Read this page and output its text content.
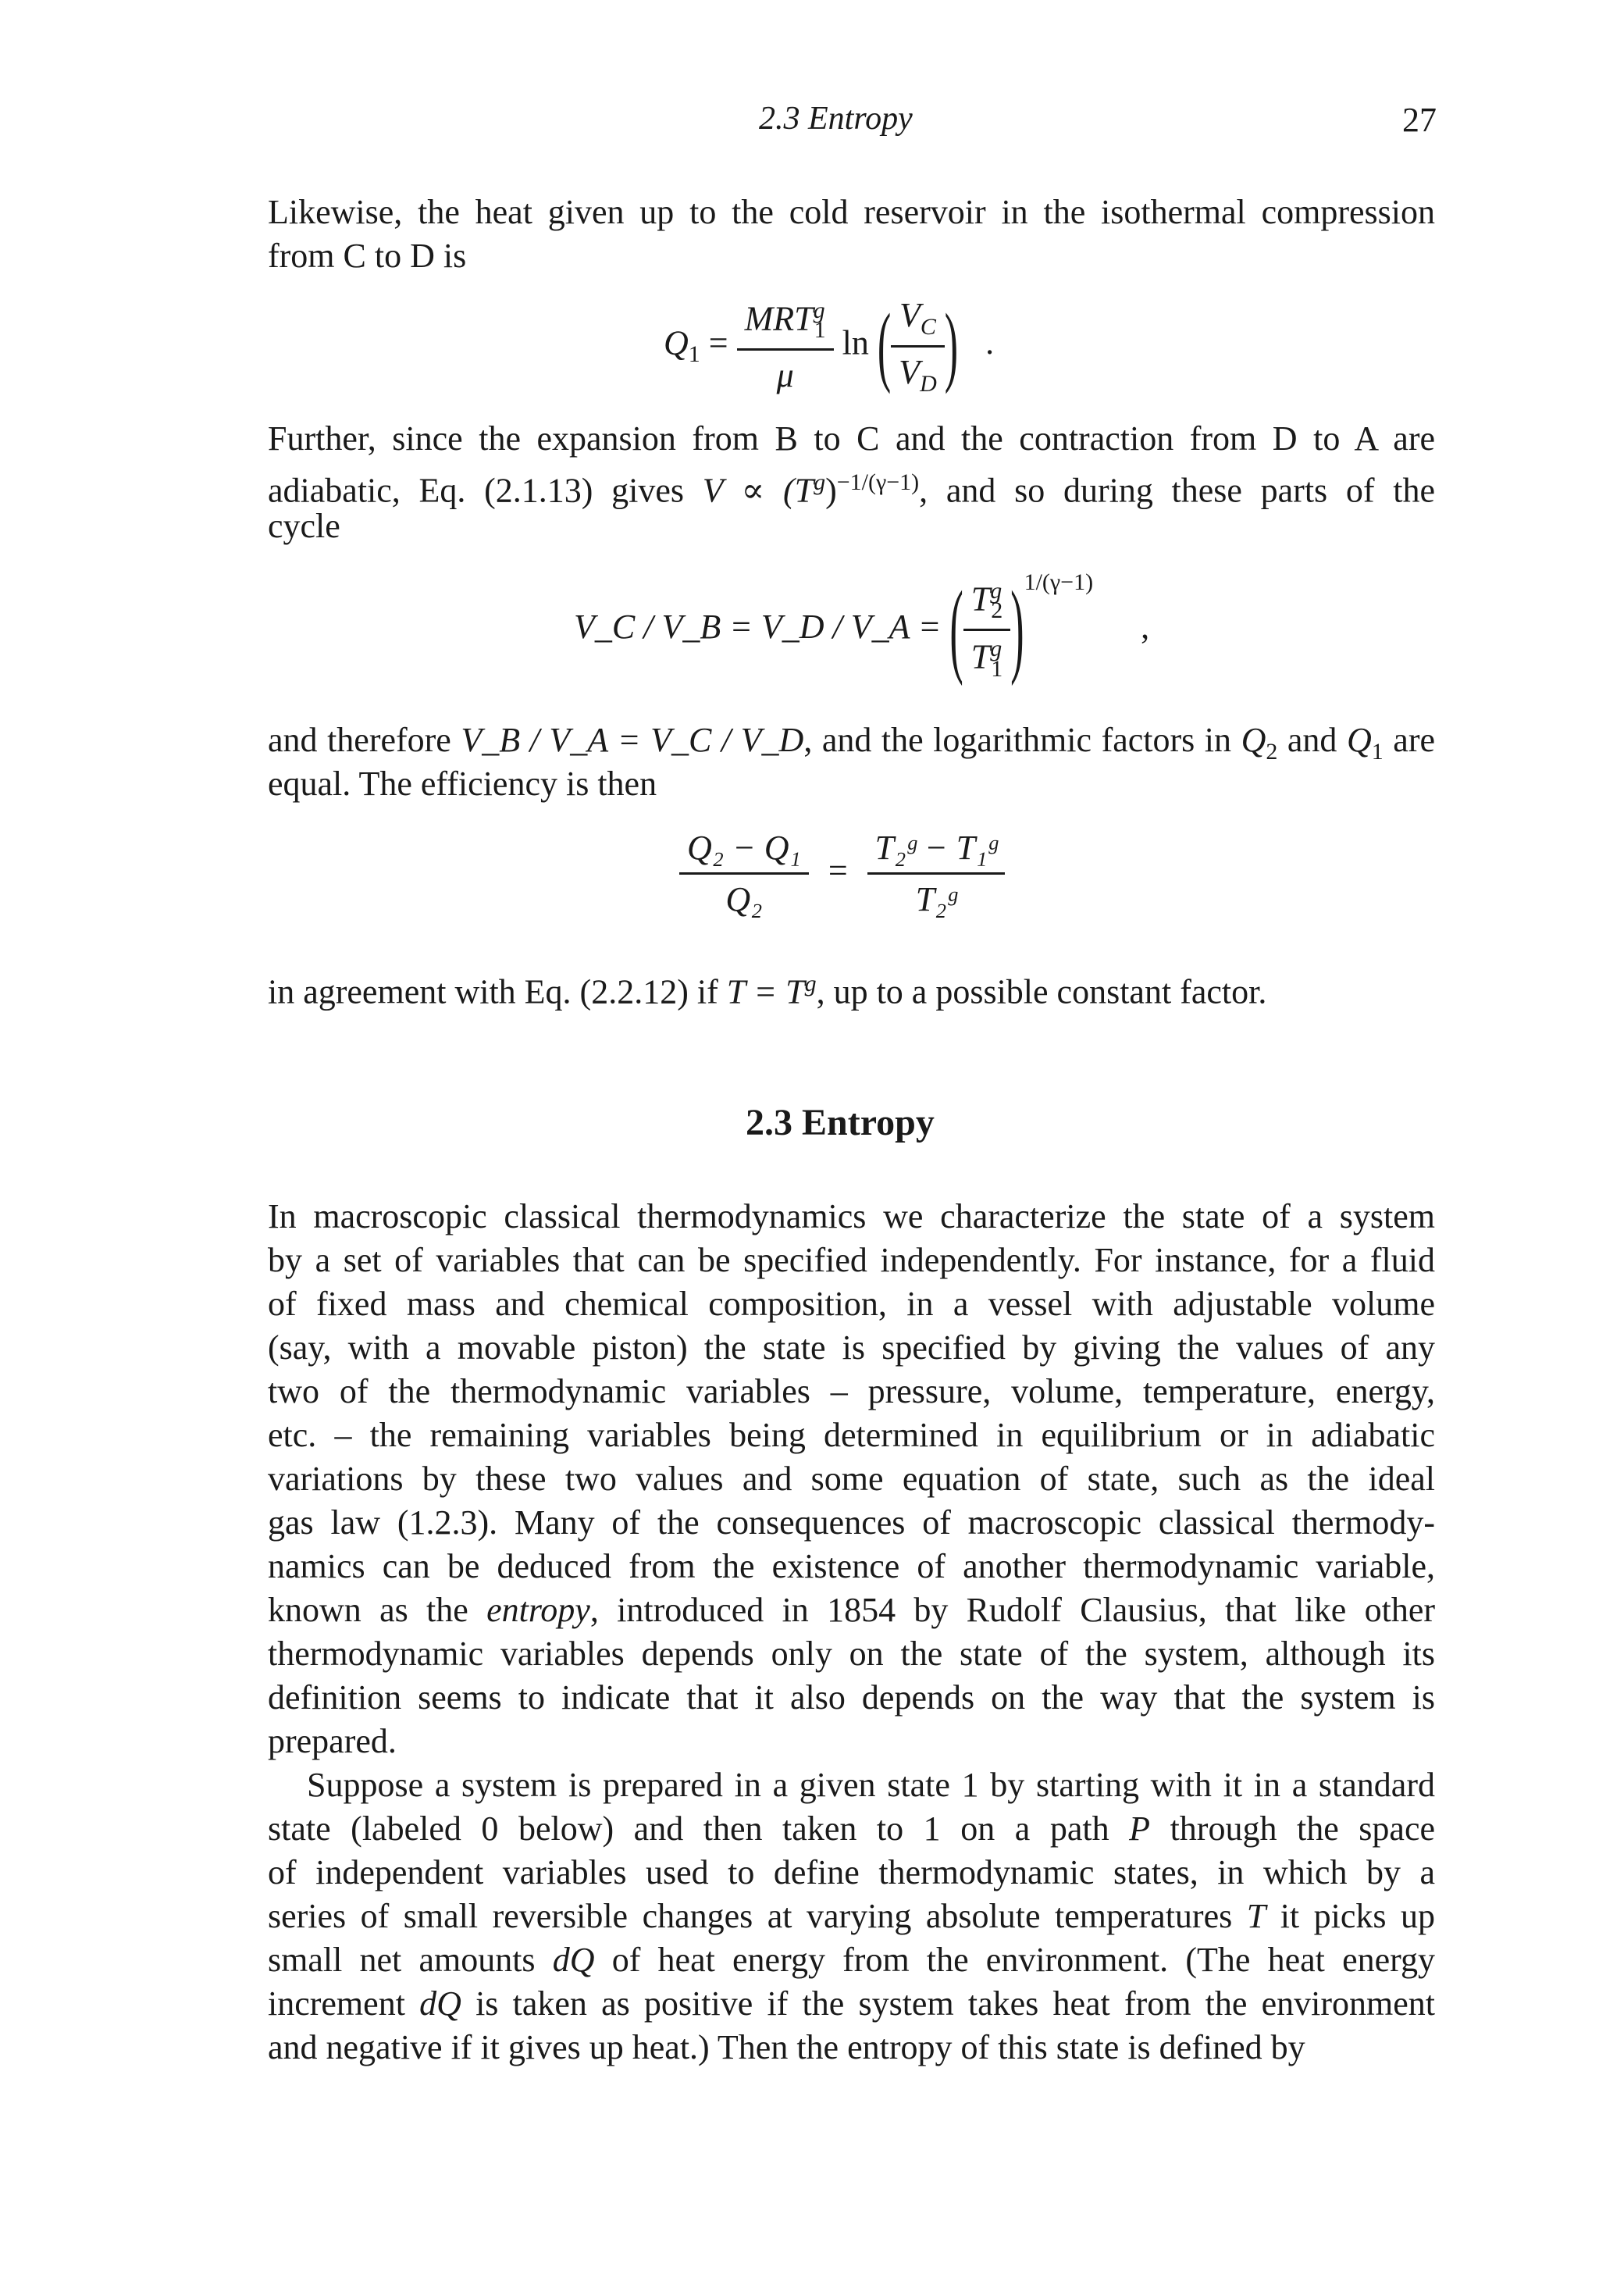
2.3 Entropy	27
Likewise, the heat given up to the cold reservoir in the isothermal compression
from C to D is
$Q_1 = \frac{MRT^g_1}{\mu}$ ln ( $\frac{V_C}{V_D}$ ) .
Further, since the expansion from B to C and the contraction from D to A are
adiabatic, Eq. (2.1.13) gives $V \propto (T^g)^{-1/(\gamma-1)}$, and so during these parts of the
cycle
V_C / V_B = V_D / V_A = ( $\frac{T^g_2}{T^g_1} )^{1/(\gamma-1)}$ ,
and therefore V_B / V_A = V_C / V_D, and the logarithmic factors in $Q_2$ and $Q_1$ are
equal. The efficiency is then
$\frac{\text{Q₂ − Q₁}}{\text{Q₂}} = \frac{\text{T₂ᵍ − T₁ᵍ}}{\text{T₂ᵍ}}$
in agreement with Eq. (2.2.12) if $T = T^g$, up to a possible constant factor.
2.3 Entropy
In macroscopic classical thermodynamics we characterize the state of a system
by a set of variables that can be specified independently. For instance, for a fluid
of fixed mass and chemical composition, in a vessel with adjustable volume
(say, with a movable piston) the state is specified by giving the values of any
two of the thermodynamic variables – pressure, volume, temperature, energy,
etc. – the remaining variables being determined in equilibrium or in adiabatic
variations by these two values and some equation of state, such as the ideal
gas law (1.2.3). Many of the consequences of macroscopic classical thermody-
namics can be deduced from the existence of another thermodynamic variable,
known as the entropy, introduced in 1854 by Rudolf Clausius, that like other
thermodynamic variables depends only on the state of the system, although its
definition seems to indicate that it also depends on the way that the system is
prepared.
Suppose a system is prepared in a given state 1 by starting with it in a standard
state (labeled 0 below) and then taken to 1 on a path P through the space
of independent variables used to define thermodynamic states, in which by a
series of small reversible changes at varying absolute temperatures T it picks up
small net amounts dQ of heat energy from the environment. (The heat energy
increment dQ is taken as positive if the system takes heat from the environment
and negative if it gives up heat.) Then the entropy of this state is defined by
